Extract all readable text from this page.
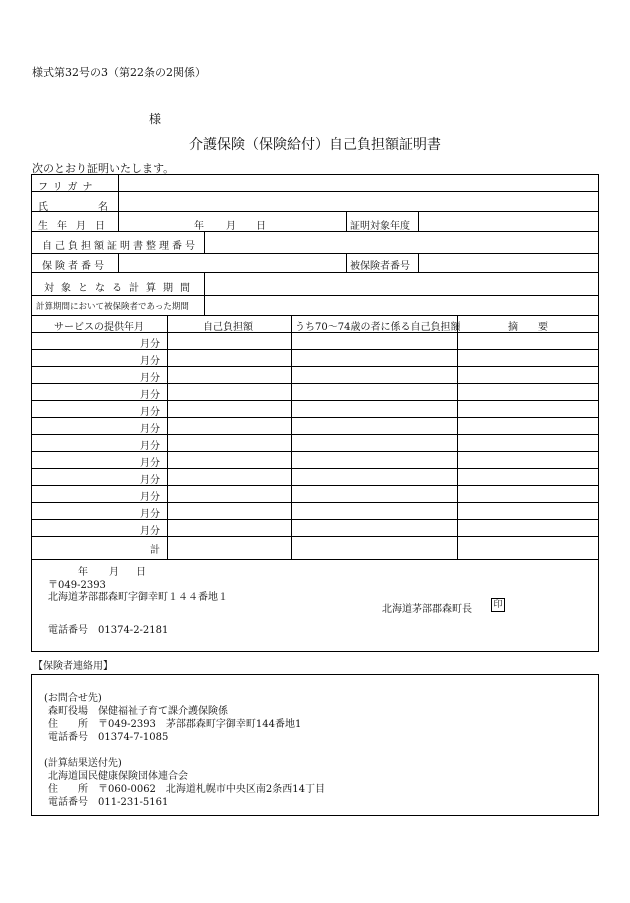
様式第32号の3（第22条の2関係）
様
介護保険（保険給付）自己負担額証明書
次のとおり証明いたします。
フリガナ
氏名
生年月日	年 月 日	証明対象年度
自己負担額証明書整理番号
保険者番号	被保険者番号
対象となる計算期間
計算期間において被保険者であった期間
サービスの提供年月	自己負担額	うち70～74歳の者に係る自己負担額	摘　　要
月分
月分
月分
月分
月分
月分
月分
月分
月分
月分
月分
月分
計
年 月 日
〒049-2393
北海道茅部郡森町字御幸町１４４番地１
北海道茅部郡森町長
電話番号　01374-2-2181
印
【保険者連絡用】
(お問合せ先)
森町役場　保健福祉子育て課介護保険係
住　　所　〒049-2393　茅部郡森町字御幸町144番地1
電話番号　01374-7-1085
(計算結果送付先)
北海道国民健康保険団体連合会
住　　所　〒060-0062　北海道札幌市中央区南2条西14丁目
電話番号　011-231-5161
